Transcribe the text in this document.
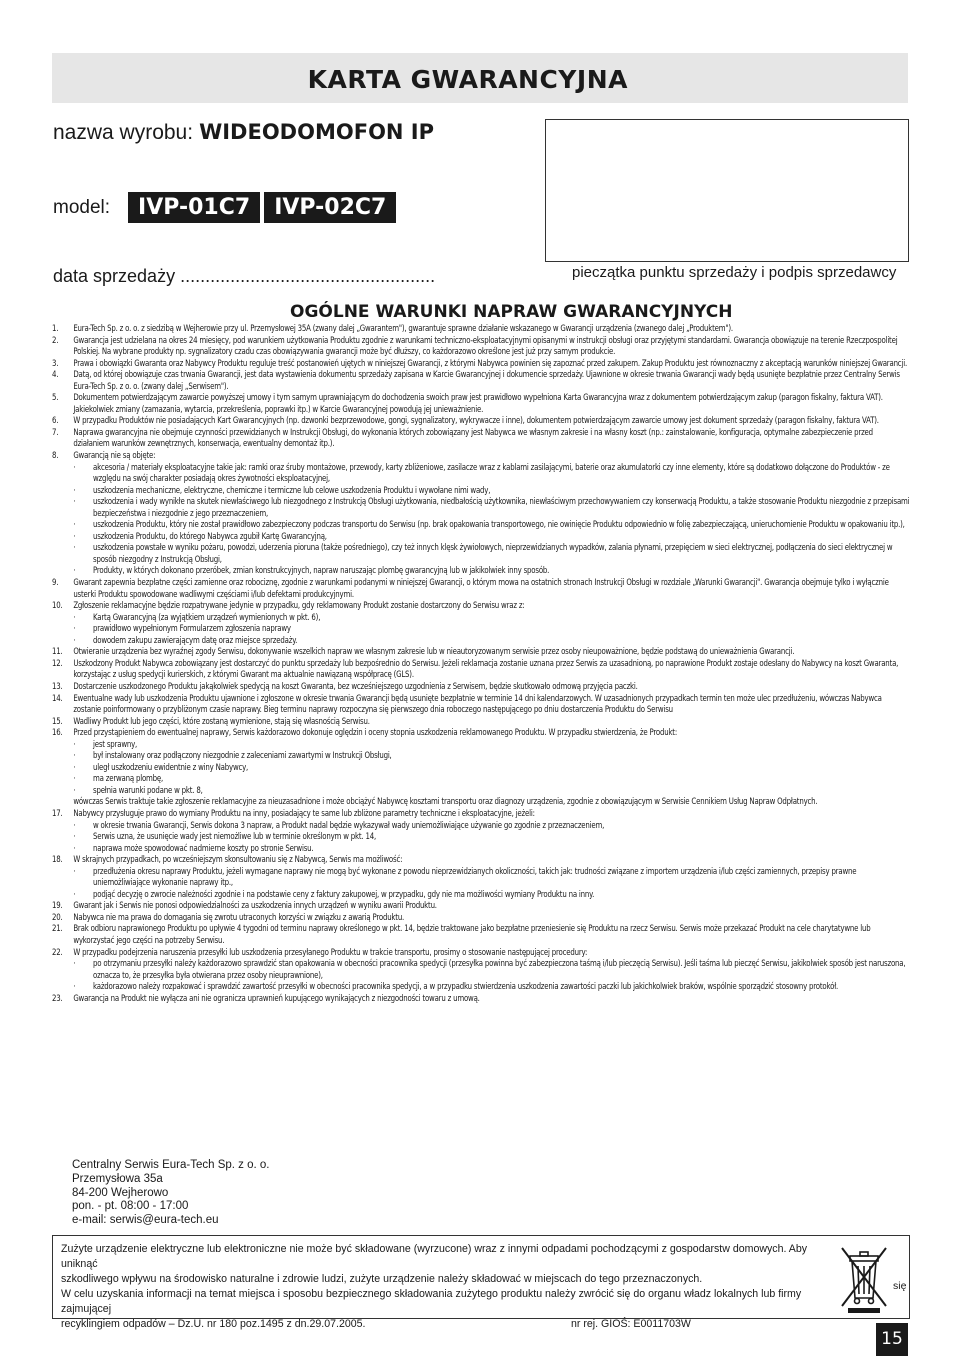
KARTA GWARANCYJNA
nazwa wyrobu: WIDEODOMOFON IP
model:	IVP-01C7	IVP-02C7
data sprzedaży ...................................................	pieczątka punktu sprzedaży i podpis sprzedawcy
OGÓLNE WARUNKI NAPRAW GWARANCYJNYCH
1.	Eura-Tech Sp. z o. o. z siedzibą w Wejherowie przy ul. Przemysłowej 35A (zwany dalej „Gwarantem"), gwarantuje sprawne działanie wskazanego w Gwarancji urządzenia (zwanego dalej „Produktem").
2.	Gwarancja jest udzielana na okres 24 miesięcy, pod warunkiem użytkowania Produktu zgodnie z warunkami techniczno-eksploatacyjnymi opisanymi w instrukcji obsługi oraz przyjętymi standardami. Gwarancja obowiązuje na terenie Rzeczpospolitej Polskiej. Na wybrane produkty np. sygnalizatory czadu czas obowiązywania gwarancji może być dłuższy, co każdorazowo określone jest już przy samym produkcie.
3.	Prawa i obowiązki Gwaranta oraz Nabywcy Produktu reguluje treść postanowień ujętych w niniejszej Gwarancji, z którymi Nabywca powinien się zapoznać przed zakupem. Zakup Produktu jest równoznaczny z akceptacją warunków niniejszej Gwarancji.
4.	Datą, od której obowiązuje czas trwania Gwarancji, jest data wystawienia dokumentu sprzedaży zapisana w Karcie Gwarancyjnej i dokumencie sprzedaży. Ujawnione w okresie trwania Gwarancji wady będą usunięte bezpłatnie przez Centralny Serwis Eura-Tech Sp. z o. o. (zwany dalej „Serwisem").
5.	Dokumentem potwierdzającym zawarcie powyższej umowy i tym samym uprawniającym do dochodzenia swoich praw jest prawidłowo wypełniona Karta Gwarancyjna wraz z dokumentem potwierdzającym zakup (paragon fiskalny, faktura VAT). Jakiekolwiek zmiany (zamazania, wytarcia, przekreślenia, poprawki itp.) w Karcie Gwarancyjnej powodują jej unieważnienie.
6.	W przypadku Produktów nie posiadających Kart Gwarancyjnych (np. dzwonki bezprzewodowe, gongi, sygnalizatory, wykrywacze i inne), dokumentem potwierdzającym zawarcie umowy jest dokument sprzedaży (paragon fiskalny, faktura VAT).
7.	Naprawa gwarancyjna nie obejmuje czynności przewidzianych w Instrukcji Obsługi, do wykonania których zobowiązany jest Nabywca we własnym zakresie i na własny koszt (np.: zainstalowanie, konfiguracja, optymalne zabezpieczenie przed działaniem warunków zewnętrznych, konserwacja, ewentualny demontaż itp.).
8.	Gwarancją nie są objęte:
·	akcesoria / materiały eksploatacyjne takie jak: ramki oraz śruby montażowe, przewody, karty zbliżeniowe, zasilacze wraz z kablami zasilającymi, baterie oraz akumulatorki czy inne elementy, które są dodatkowo dołączone do Produktów - ze względu na swój charakter posiadają okres żywotności eksploatacyjnej,
·	uszkodzenia mechaniczne, elektryczne, chemiczne i termiczne lub celowe uszkodzenia Produktu i wywołane nimi wady,
·	uszkodzenia i wady wynikłe na skutek niewłaściwego lub niezgodnego z Instrukcją Obsługi użytkowania, niedbałością użytkownika, niewłaściwym przechowywaniem czy konserwacją Produktu, a także stosowanie Produktu niezgodnie z przepisami bezpieczeństwa i niezgodnie z jego przeznaczeniem,
·	uszkodzenia Produktu, który nie został prawidłowo zabezpieczony podczas transportu do Serwisu (np. brak opakowania transportowego, nie owinięcie Produktu odpowiednio w folię zabezpieczającą, unieruchomienie Produktu w opakowaniu itp.),
·	uszkodzenia Produktu, do którego Nabywca zgubił Kartę Gwarancyjną,
·	uszkodzenia powstałe w wyniku pożaru, powodzi, uderzenia pioruna (także pośredniego), czy też innych klęsk żywiołowych, nieprzewidzianych wypadków, zalania płynami, przepięciem w sieci elektrycznej, podłączenia do sieci elektrycznej w sposób niezgodny z Instrukcją Obsługi,
·	Produkty, w których dokonano przeróbek, zmian konstrukcyjnych, napraw naruszając plombę gwarancyjną lub w jakikolwiek inny sposób.
9.	Gwarant zapewnia bezpłatne części zamienne oraz robociznę, zgodnie z warunkami podanymi w niniejszej Gwarancji, o którym mowa na ostatnich stronach Instrukcji Obsługi w rozdziale „Warunki Gwarancji". Gwarancja obejmuje tylko i wyłącznie usterki Produktu spowodowane wadliwymi częściami i/lub defektami produkcyjnymi.
10.	Zgłoszenie reklamacyjne będzie rozpatrywane jedynie w przypadku, gdy reklamowany Produkt zostanie dostarczony do Serwisu wraz z:
·	Kartą Gwarancyjną (za wyjątkiem urządzeń wymienionych w pkt. 6),
·	prawidłowo wypełnionym Formularzem zgłoszenia naprawy
·	dowodem zakupu zawierającym datę oraz miejsce sprzedaży.
11.	Otwieranie urządzenia bez wyraźnej zgody Serwisu, dokonywanie wszelkich napraw we własnym zakresie lub w nieautoryzowanym serwisie przez osoby nieupoważnione, będzie podstawą do unieważnienia Gwarancji.
12.	Uszkodzony Produkt Nabywca zobowiązany jest dostarczyć do punktu sprzedaży lub bezpośrednio do Serwisu. Jeżeli reklamacja zostanie uznana przez Serwis za uzasadnioną, po naprawione Produkt zostaje odesłany do Nabywcy na koszt Gwaranta, korzystając z usług spedycji kurierskich, z którymi Gwarant ma aktualnie nawiązaną współpracę (GLS).
13.	Dostarczenie uszkodzonego Produktu jakąkolwiek spedycją na koszt Gwaranta, bez wcześniejszego uzgodnienia z Serwisem, będzie skutkowało odmową przyjęcia paczki.
14.	Ewentualne wady lub uszkodzenia Produktu ujawnione i zgłoszone w okresie trwania Gwarancji będą usunięte bezpłatnie w terminie 14 dni kalendarzowych. W uzasadnionych przypadkach termin ten może ulec przedłużeniu, wówczas Nabywca zostanie poinformowany o przybliżonym czasie naprawy. Bieg terminu naprawy rozpoczyna się pierwszego dnia roboczego następującego po dniu dostarczenia Produktu do Serwisu
15.	Wadliwy Produkt lub jego części, które zostaną wymienione, stają się własnością Serwisu.
16.	Przed przystąpieniem do ewentualnej naprawy, Serwis każdorazowo dokonuje oględzin i oceny stopnia uszkodzenia reklamowanego Produktu. W przypadku stwierdzenia, że Produkt:
·	jest sprawny,
·	był instalowany oraz podłączony niezgodnie z zaleceniami zawartymi w Instrukcji Obsługi,
·	uległ uszkodzeniu ewidentnie z winy Nabywcy,
·	ma zerwaną plombę,
·	spełnia warunki podane w pkt. 8,
wówczas Serwis traktuje takie zgłoszenie reklamacyjne za nieuzasadnione i może obciążyć Nabywcę kosztami transportu oraz diagnozy urządzenia, zgodnie z obowiązującym w Serwisie Cennikiem Usług Napraw Odpłatnych.
17.	Nabywcy przysługuje prawo do wymiany Produktu na inny, posiadający te same lub zbliżone parametry techniczne i eksploatacyjne, jeżeli:
·	w okresie trwania Gwarancji, Serwis dokona 3 napraw, a Produkt nadal będzie wykazywał wady uniemożliwiające używanie go zgodnie z przeznaczeniem,
·	Serwis uzna, że usunięcie wady jest niemożliwe lub w terminie określonym w pkt. 14,
·	naprawa może spowodować nadmierne koszty po stronie Serwisu.
18.	W skrajnych przypadkach, po wcześniejszym skonsultowaniu się z Nabywcą, Serwis ma możliwość:
·	przedłużenia okresu naprawy Produktu, jeżeli wymagane naprawy nie mogą być wykonane z powodu nieprzewidzianych okoliczności, takich jak: trudności związane z importem urządzenia i/lub części zamiennych, przepisy prawne uniemożliwiające wykonanie naprawy itp.,
·	podjąć decyzję o zwrocie należności zgodnie i na podstawie ceny z faktury zakupowej, w przypadku, gdy nie ma możliwości wymiany Produktu na inny.
19.	Gwarant jak i Serwis nie ponosi odpowiedzialności za uszkodzenia innych urządzeń w wyniku awarii Produktu.
20.	Nabywca nie ma prawa do domagania się zwrotu utraconych korzyści w związku z awarią Produktu.
21.	Brak odbioru naprawionego Produktu po upływie 4 tygodni od terminu naprawy określonego w pkt. 14, będzie traktowane jako bezpłatne przeniesienie się Produktu na rzecz Serwisu. Serwis może przekazać Produkt na cele charytatywne lub wykorzystać jego części na potrzeby Serwisu.
22.	W przypadku podejrzenia naruszenia przesyłki lub uszkodzenia przesyłanego Produktu w trakcie transportu, prosimy o stosowanie następującej procedury:
·	po otrzymaniu przesyłki należy każdorazowo sprawdzić stan opakowania w obecności pracownika spedycji (przesyłka powinna być zabezpieczona taśmą i/lub pieczęcią Serwisu). Jeśli taśma lub pieczęć Serwisu, jakikolwiek sposób jest naruszona, oznacza to, że przesyłka była otwierana przez osoby nieuprawnione),
·	każdorazowo należy rozpakować i sprawdzić zawartość przesyłki w obecności pracownika spedycji, a w przypadku stwierdzenia uszkodzenia zawartości paczki lub jakichkolwiek braków, wspólnie sporządzić stosowny protokół.
23.	Gwarancja na Produkt nie wyłącza ani nie ogranicza uprawnień kupującego wynikających z niezgodności towaru z umową.
Centralny Serwis Eura-Tech Sp. z o. o.
Przemysłowa 35a
84-200 Wejherowo
pon. - pt. 08:00 - 17:00
e-mail: serwis@eura-tech.eu
Zużyte urządzenie elektryczne lub elektroniczne nie może być składowane (wyrzucone) wraz z innymi odpadami pochodzącymi z gospodarstw domowych. Aby uniknąć
szkodliwego wpływu na środowisko naturalne i zdrowie ludzi, zużyte urządzenie należy składować w miejscach do tego przeznaczonych.
W celu uzyskania informacji na temat miejsca i sposobu bezpiecznego składowania zużytego produktu należy zwrócić się do organu władz lokalnych lub firmy zajmującej
recyklingiem odpadów – Dz.U. nr 180 poz.1495 z dn.29.07.2005.	nr rej. GIOŚ: E0011703W
się
15
